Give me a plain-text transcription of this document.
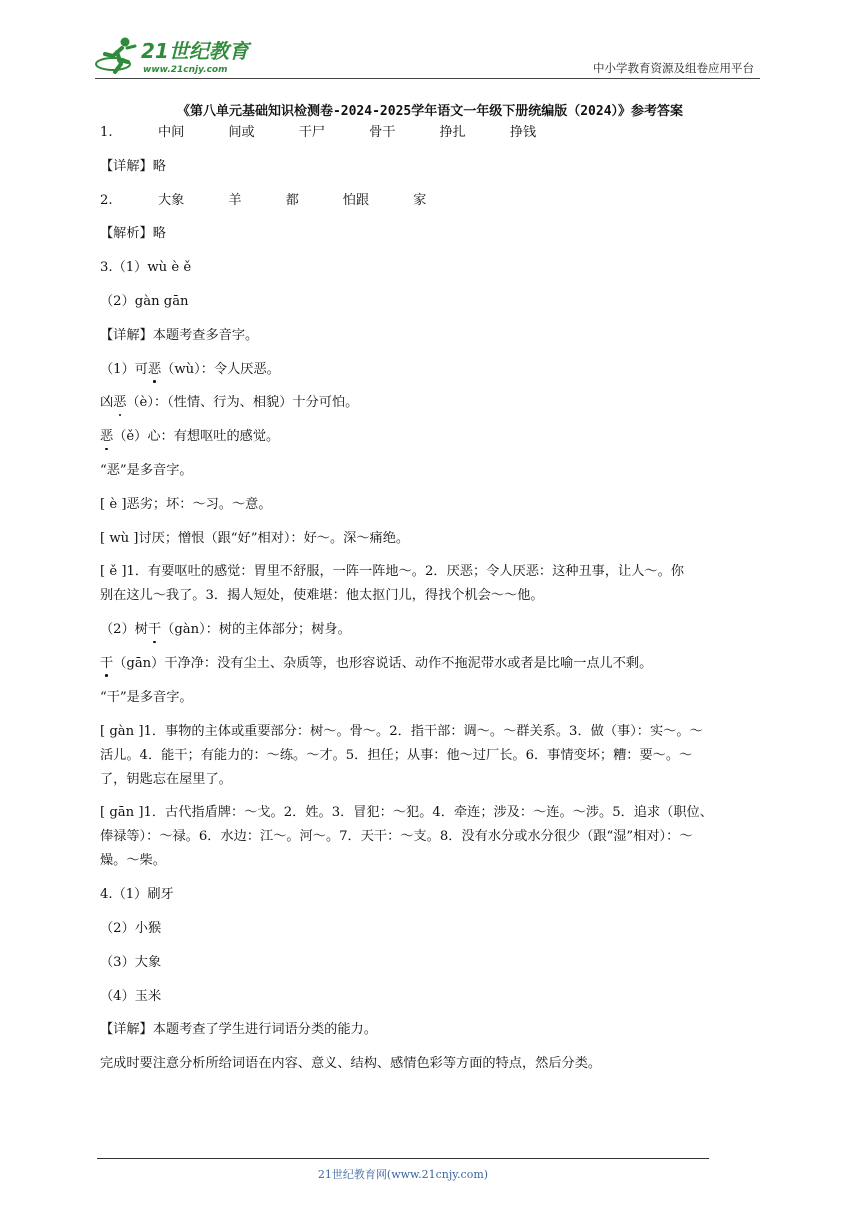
21世纪教育
www.21cnjy.com	中小学教育资源及组卷应用平台
《第八单元基础知识检测卷-2024-2025学年语文一年级下册统编版（2024）》参考答案
1.	中间	间或	干尸	骨干	挣扎	挣钱
【详解】略
2.	大象	羊	都	怕跟	家
【解析】略
3.（1）wù è ě
（2）gàn gān
【详解】本题考查多音字。
（1）可恶（wù）：令人厌恶。
凶恶（è）：（性情、行为、相貌）十分可怕。
恶（ě）心：有想呕吐的感觉。
“恶”是多音字。
[ è ]恶劣；坏：～习。～意。
[ wù ]讨厌；憎恨（跟“好”相对）：好～。深～痛绝。
[ ě ]1．有要呕吐的感觉：胃里不舒服，一阵一阵地～。2．厌恶；令人厌恶：这种丑事，让人～。你
别在这儿～我了。3．揭人短处，使难堪：他太抠门儿，得找个机会～～他。
（2）树干（gàn）：树的主体部分；树身。
干（gān）干净净：没有尘土、杂质等，也形容说话、动作不拖泥带水或者是比喻一点儿不剩。
“干”是多音字。
[ gàn ]1．事物的主体或重要部分：树～。骨～。2．指干部：调～。～群关系。3．做（事）：实～。～
活儿。4．能干；有能力的：～练。～才。5．担任；从事：他～过厂长。6．事情变坏；糟：要～。～
了，钥匙忘在屋里了。
[ gān ]1．古代指盾牌：～戈。2．姓。3．冒犯：～犯。4．牵连；涉及：～连。～涉。5．追求（职位、
俸禄等）：～禄。6．水边：江～。河～。7．天干：～支。8．没有水分或水分很少（跟“湿”相对）：～
燥。～柴。
4.（1）刷牙
（2）小猴
（3）大象
（4）玉米
【详解】本题考查了学生进行词语分类的能力。
完成时要注意分析所给词语在内容、意义、结构、感情色彩等方面的特点，然后分类。
21世纪教育网(www.21cnjy.com)
